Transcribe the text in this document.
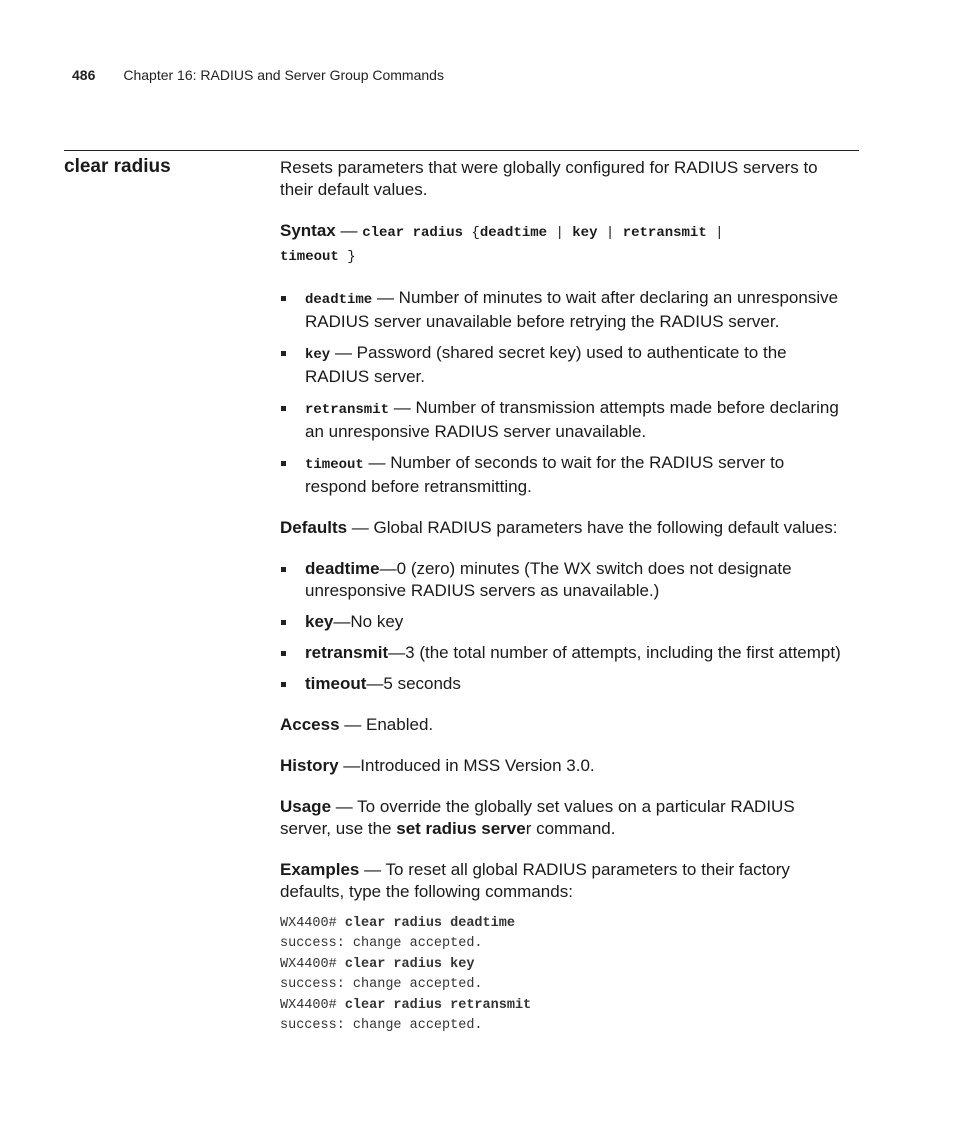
486 Chapter 16: RADIUS and Server Group Commands
clear radius	Resets parameters that were globally configured for RADIUS servers to their default values.

Syntax — clear radius {deadtime | key | retransmit |
timeout }

deadtime — Number of minutes to wait after declaring an unresponsive RADIUS server unavailable before retrying the RADIUS server.
key — Password (shared secret key) used to authenticate to the RADIUS server.
retransmit — Number of transmission attempts made before declaring an unresponsive RADIUS server unavailable.
timeout — Number of seconds to wait for the RADIUS server to respond before retransmitting.

Defaults — Global RADIUS parameters have the following default values:

deadtime—0 (zero) minutes (The WX switch does not designate unresponsive RADIUS servers as unavailable.)
key—No key
retransmit—3 (the total number of attempts, including the first attempt)
timeout—5 seconds

Access — Enabled.

History —Introduced in MSS Version 3.0.

Usage — To override the globally set values on a particular RADIUS server, use the set radius server command.

Examples — To reset all global RADIUS parameters to their factory defaults, type the following commands:

WX4400# clear radius deadtime
success: change accepted.
WX4400# clear radius key
success: change accepted.
WX4400# clear radius retransmit
success: change accepted.
